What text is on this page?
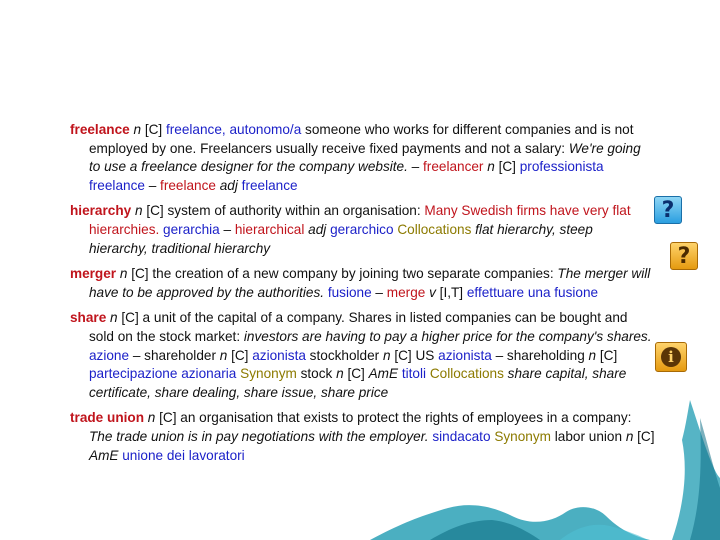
freelance n [C] freelance, autonomo/a someone who works for different companies and is not employed by one. Freelancers usually receive fixed payments and not a salary: We're going to use a freelance designer for the company website. – freelancer n [C] professionista freelance – freelance adj freelance
hierarchy n [C] system of authority within an organisation: Many Swedish firms have very flat hierarchies. gerarchia – hierarchical adj gerarchico Collocations flat hierarchy, steep hierarchy, traditional hierarchy
merger n [C] the creation of a new company by joining two separate companies: The merger will have to be approved by the authorities. fusione – merge v [I,T] effettuare una fusione
share n [C] a unit of the capital of a company. Shares in listed companies can be bought and sold on the stock market: investors are having to pay a higher price for the company's shares. azione – shareholder n [C] azionista stockholder n [C] US azionista – shareholding n [C] partecipazione azionaria Synonym stock n [C] AmE titoli Collocations share capital, share certificate, share dealing, share issue, share price
trade union n [C] an organisation that exists to protect the rights of employees in a company: The trade union is in pay negotiations with the employer. sindacato Synonym labor union n [C] AmE unione dei lavoratori
?
?
i
